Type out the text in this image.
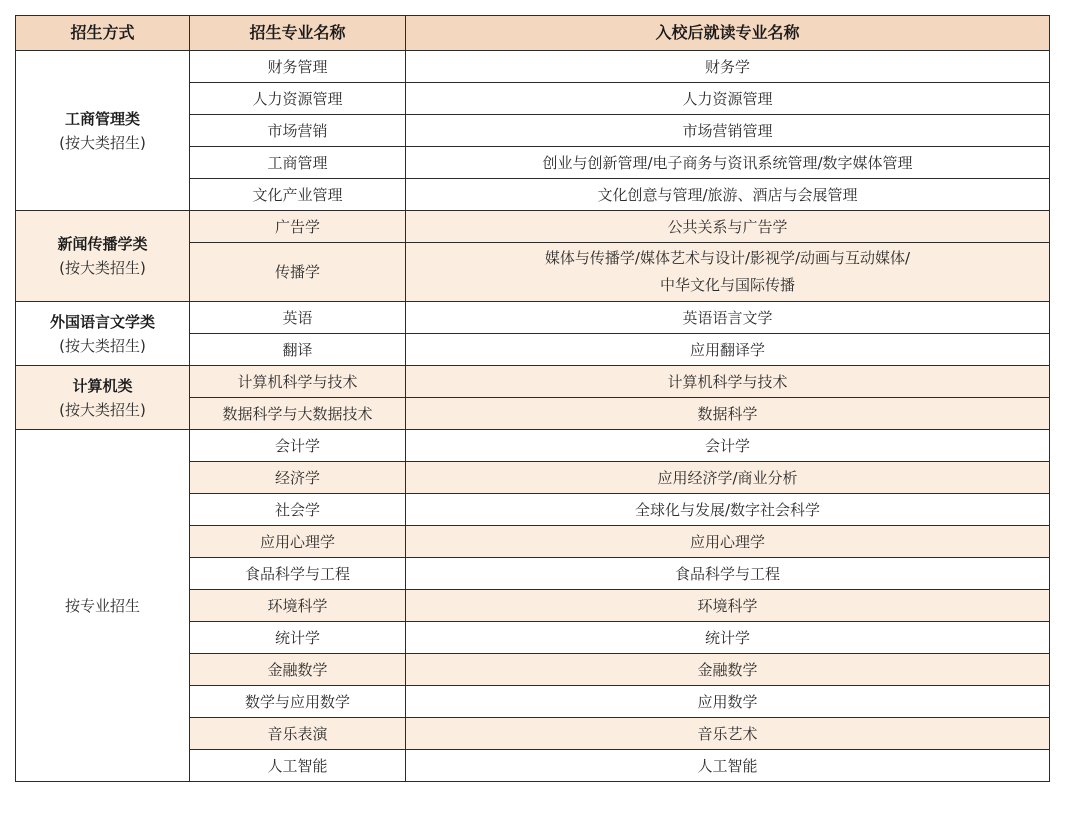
招生方式	招生专业名称	入校后就读专业名称

工商管理类
(按大类招生)	财务管理	财务学
	人力资源管理	人力资源管理
	市场营销	市场营销管理
	工商管理	创业与创新管理/电子商务与资讯系统管理/数字媒体管理
	文化产业管理	文化创意与管理/旅游、酒店与会展管理

新闻传播学类
(按大类招生)	广告学	公共关系与广告学
	传播学	媒体与传播学/媒体艺术与设计/影视学/动画与互动媒体/
中华文化与国际传播

外国语言文学类
(按大类招生)	英语	英语语言文学
	翻译	应用翻译学

计算机类
(按大类招生)	计算机科学与技术	计算机科学与技术
	数据科学与大数据技术	数据科学
按专业招生	会计学	会计学
	经济学	应用经济学/商业分析
	社会学	全球化与发展/数字社会科学
	应用心理学	应用心理学
	食品科学与工程	食品科学与工程
	环境科学	环境科学
	统计学	统计学
	金融数学	金融数学
	数学与应用数学	应用数学
	音乐表演	音乐艺术
	人工智能	人工智能
